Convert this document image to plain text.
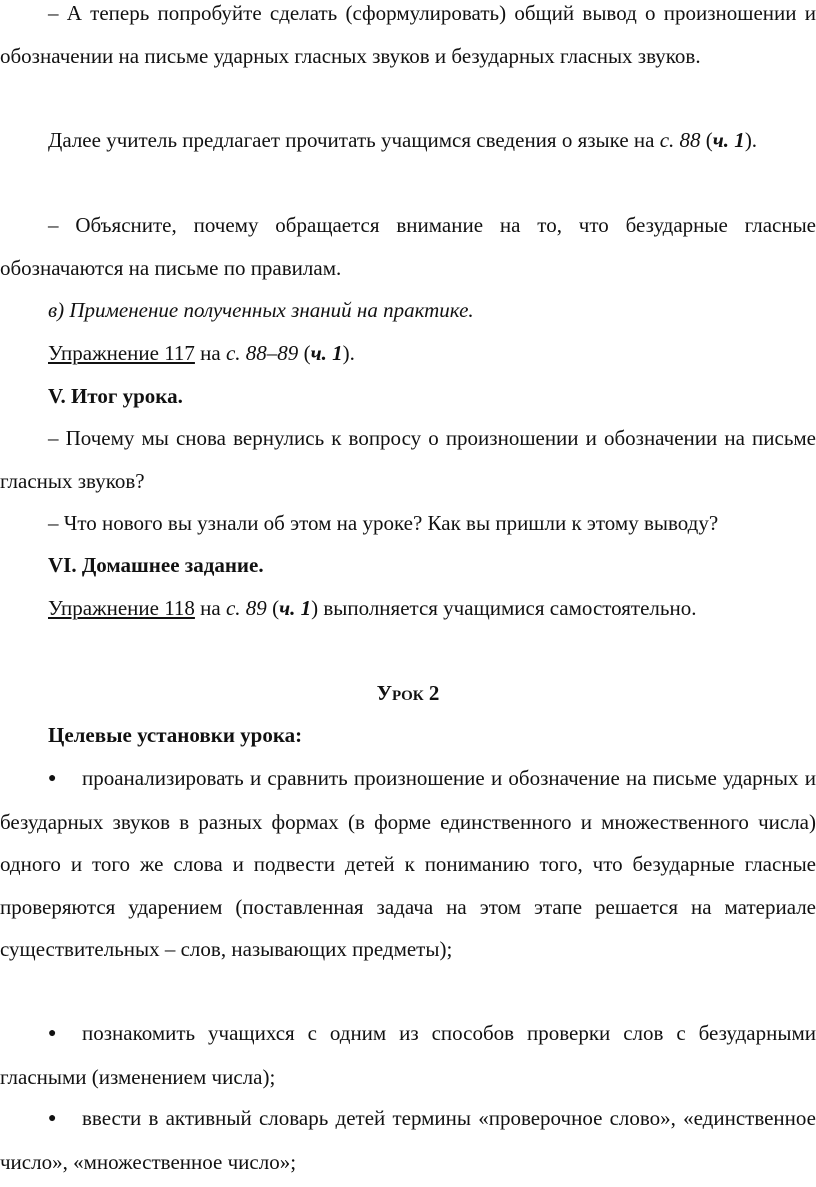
– А теперь попробуйте сделать (сформулировать) общий вывод о произношении и обозначении на письме ударных гласных звуков и безударных гласных звуков.

Далее учитель предлагает прочитать учащимся сведения о языке на с. 88 (ч. 1).

– Объясните, почему обращается внимание на то, что безударные гласные обозначаются на письме по правилам.

в) Применение полученных знаний на практике.

Упражнение 117 на с. 88–89 (ч. 1).

V. Итог урока.

– Почему мы снова вернулись к вопросу о произношении и обозначении на письме гласных звуков?

– Что нового вы узнали об этом на уроке? Как вы пришли к этому выводу?

VI. Домашнее задание.

Упражнение 118 на с. 89 (ч. 1) выполняется учащимися самостоятельно.

Урок 2

Целевые установки урока:

● проанализировать и сравнить произношение и обозначение на письме ударных и безударных звуков в разных формах (в форме единственного и множественного числа) одного и того же слова и подвести детей к пониманию того, что безударные гласные проверяются ударением (поставленная задача на этом этапе решается на материале существительных – слов, называющих предметы);

● познакомить учащихся с одним из способов проверки слов с безударными гласными (изменением числа);

● ввести в активный словарь детей термины «проверочное слово», «единственное число», «множественное число»;
